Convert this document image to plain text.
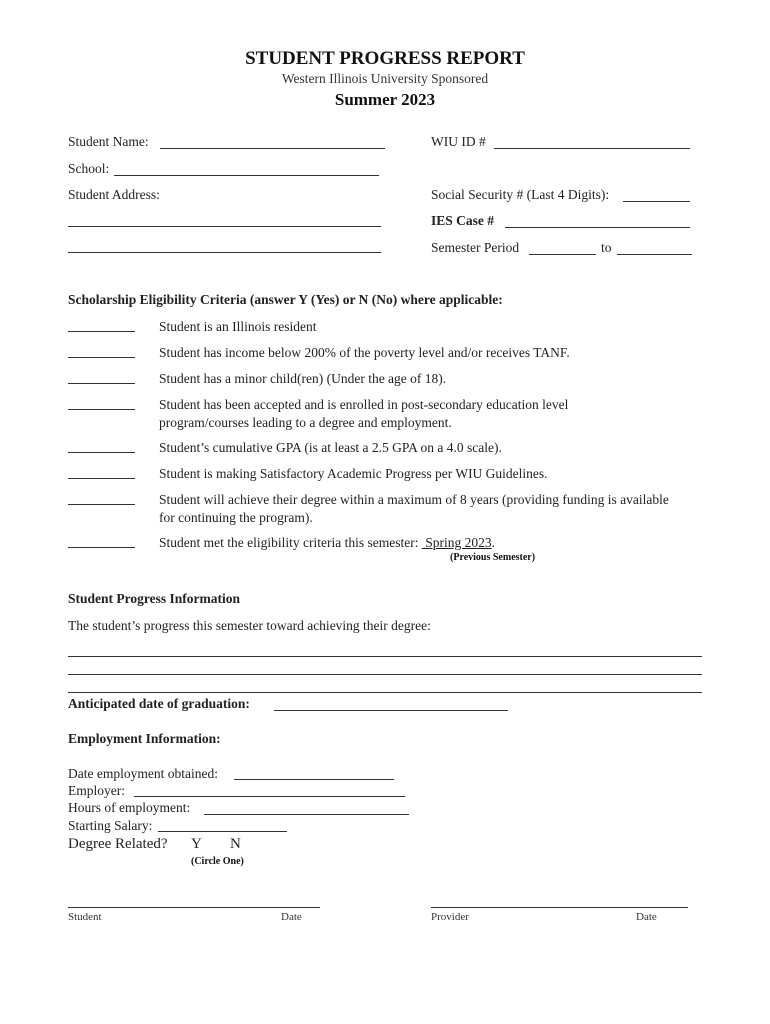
STUDENT PROGRESS REPORT
Western Illinois University Sponsored
Summer 2023
Student Name:	WIU ID #
School:
Student Address:	Social Security # (Last 4 Digits):
IES Case #
Semester Period	to
Scholarship Eligibility Criteria (answer Y (Yes) or N (No) where applicable:
Student is an Illinois resident
Student has income below 200% of the poverty level and/or receives TANF.
Student has a minor child(ren) (Under the age of 18).
Student has been accepted and is enrolled in post-secondary education level
program/courses leading to a degree and employment.
Student’s cumulative GPA (is at least a 2.5 GPA on a 4.0 scale).
Student is making Satisfactory Academic Progress per WIU Guidelines.
Student will achieve their degree within a maximum of 8 years (providing funding is available
for continuing the program).
Student met the eligibility criteria this semester: Spring 2023.
(Previous Semester)
Student Progress Information
The student’s progress this semester toward achieving their degree:
Anticipated date of graduation:
Employment Information:
Date employment obtained:
Employer:
Hours of employment:
Starting Salary:
Degree Related? Y N
(Circle One)
Student	Date	Provider	Date
